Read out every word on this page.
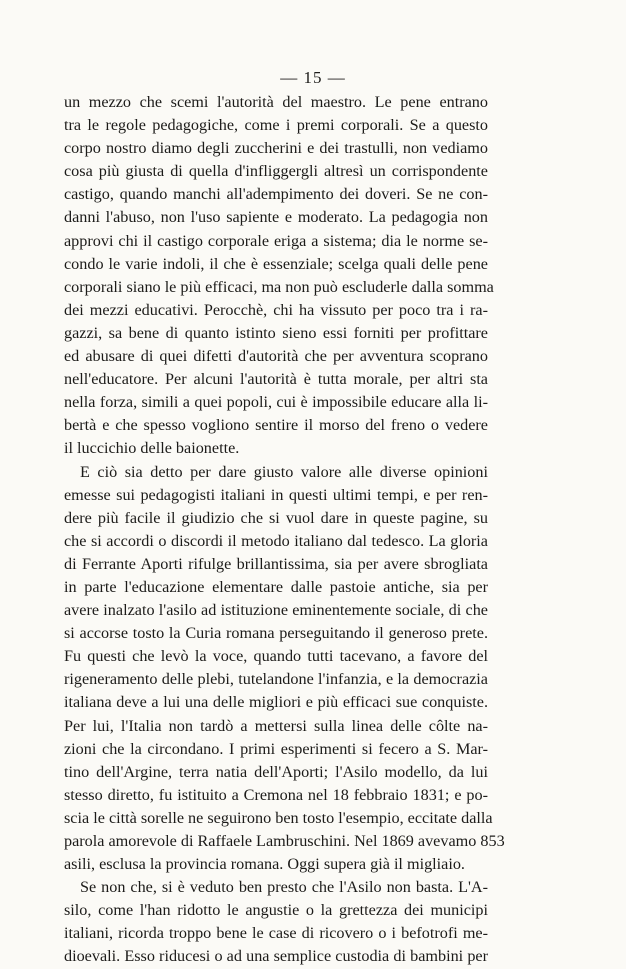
— 15 —
un mezzo che scemi l'autorità del maestro. Le pene entrano
tra le regole pedagogiche, come i premi corporali. Se a questo
corpo nostro diamo degli zuccherini e dei trastulli, non vediamo
cosa più giusta di quella d'infliggergli altresì un corrispondente
castigo, quando manchi all'adempimento dei doveri. Se ne con-
danni l'abuso, non l'uso sapiente e moderato. La pedagogia non
approvi chi il castigo corporale eriga a sistema; dia le norme se-
condo le varie indoli, il che è essenziale; scelga quali delle pene
corporali siano le più efficaci, ma non può escluderle dalla somma
dei mezzi educativi. Perocchè, chi ha vissuto per poco tra i ra-
gazzi, sa bene di quanto istinto sieno essi forniti per profittare
ed abusare di quei difetti d'autorità che per avventura scoprano
nell'educatore. Per alcuni l'autorità è tutta morale, per altri sta
nella forza, simili a quei popoli, cui è impossibile educare alla li-
bertà e che spesso vogliono sentire il morso del freno o vedere
il luccichio delle baionette.
E ciò sia detto per dare giusto valore alle diverse opinioni
emesse sui pedagogisti italiani in questi ultimi tempi, e per ren-
dere più facile il giudizio che si vuol dare in queste pagine, su
che si accordi o discordi il metodo italiano dal tedesco. La gloria
di Ferrante Aporti rifulge brillantissima, sia per avere sbrogliata
in parte l'educazione elementare dalle pastoie antiche, sia per
avere inalzato l'asilo ad istituzione eminentemente sociale, di che
si accorse tosto la Curia romana perseguitando il generoso prete.
Fu questi che levò la voce, quando tutti tacevano, a favore del
rigeneramento delle plebi, tutelandone l'infanzia, e la democrazia
italiana deve a lui una delle migliori e più efficaci sue conquiste.
Per lui, l'Italia non tardò a mettersi sulla linea delle côlte na-
zioni che la circondano. I primi esperimenti si fecero a S. Mar-
tino dell'Argine, terra natia dell'Aporti; l'Asilo modello, da lui
stesso diretto, fu istituito a Cremona nel 18 febbraio 1831; e po-
scia le città sorelle ne seguirono ben tosto l'esempio, eccitate dalla
parola amorevole di Raffaele Lambruschini. Nel 1869 avevamo 853
asili, esclusa la provincia romana. Oggi supera già il migliaio.
Se non che, si è veduto ben presto che l'Asilo non basta. L'A-
silo, come l'han ridotto le angustie o la grettezza dei municipi
italiani, ricorda troppo bene le case di ricovero o i befotrofi me-
dioevali. Esso riducesi o ad una semplice custodia di bambini per
